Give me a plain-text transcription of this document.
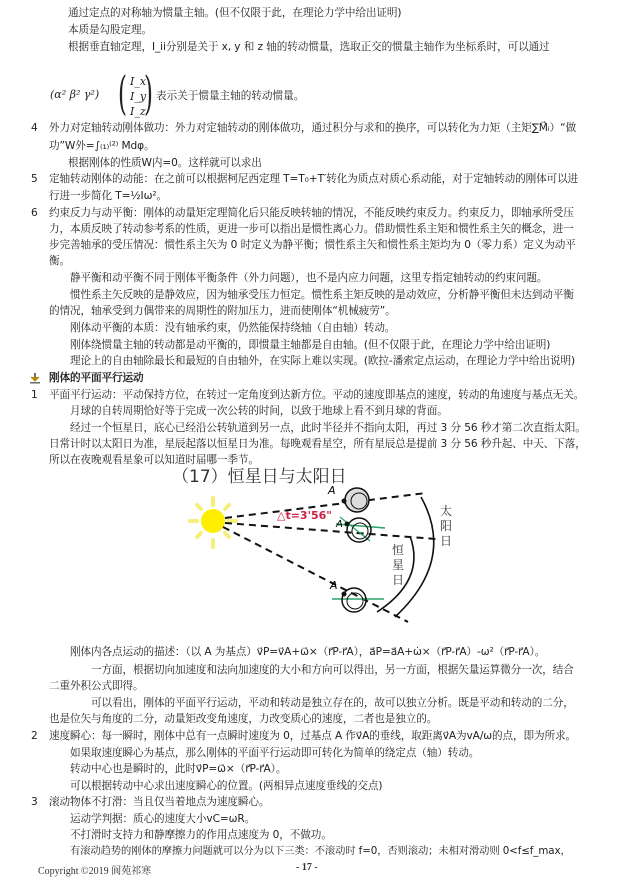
通过定点的对称轴为惯量主轴。(但不仅限于此，在理论力学中给出证明)
本质是勾股定理。
根据垂直轴定理，I_ii分别是关于 x, y 和 z 轴的转动惯量，选取正交的惯量主轴作为坐标系时，可以通过
(α² β² γ²) ( I_x
I_y
I_z
) 表示关于惯量主轴的转动惯量。
4 外力对定轴转动刚体做功：外力对定轴转动的刚体做功，通过积分与求和的换序，可以转化为力矩（主矩∑M⃗ᵢ）“做
功”W外=∫₍₁₎⁽²⁾ Mdφ。
根据刚体的性质W内=0。这样就可以求出
5 定轴转动刚体的动能：在之前可以根据柯尼西定理 T=T₀+T′转化为质点对质心系动能，对于定轴转动的刚体可以进
行进一步简化 T=½Iω²。
6 约束反力与动平衡：刚体的动量矩定理简化后只能反映转轴的情况，不能反映约束反力。约束反力，即轴承所受压
力，本质反映了转动参考系的性质，更进一步可以指出是惯性离心力。借助惯性系主矩和惯性系主矢的概念，进一
步完善轴承的受压情况：惯性系主矢为 0 时定义为静平衡；惯性系主矢和惯性系主矩均为 0（零力系）定义为动平
衡。
静平衡和动平衡不同于刚体平衡条件（外力问题），也不是内应力问题，这里专指定轴转动的约束问题。
惯性系主矢反映的是静效应，因为轴承受压力恒定。惯性系主矩反映的是动效应，分析静平衡但未达到动平衡
的情况，轴承受到力偶带来的周期性的附加压力，进而使刚体“机械疲劳”。
刚体动平衡的本质：没有轴承约束，仍然能保持绕轴（自由轴）转动。
刚体绕惯量主轴的转动都是动平衡的，即惯量主轴都是自由轴。(但不仅限于此，在理论力学中给出证明)
理论上的自由轴除最长和最短的自由轴外，在实际上难以实现。(欧拉-潘索定点运动，在理论力学中给出说明)
刚体的平面平行运动
1 平面平行运动：平动保持方位，在转过一定角度到达新方位。平动的速度即基点的速度，转动的角速度与基点无关。
月球的自转周期恰好等于完成一次公转的时间，以致于地球上看不到月球的背面。
经过一个恒星日，底心已经沿公转轨道到另一点，此时半径并不指向太阳，再过 3 分 56 秒才第二次直指太阳。
日常计时以太阳日为准，星辰起落以恒星日为准。每晚观看星空，所有星辰总是提前 3 分 56 秒升起、中天、下落，
所以在夜晚观看星象可以知道时届哪一季节。
（17）恒星日与太阳日
A
A
A
△t=3'56"	太
阳
日
恒
星
日
刚体内各点运动的描述：（以 A 为基点）v⃗P=v⃗A+ω⃗×（r⃗P-r⃗A），a⃗P=a⃗A+ω̇×（r⃗P-r⃗A）-ω²（r⃗P-r⃗A）。
一方面，根据切向加速度和法向加速度的大小和方向可以得出，另一方面，根据矢量运算微分一次，结合
二重外积公式即得。
可以看出，刚体的平面平行运动，平动和转动是独立存在的，故可以独立分析。既是平动和转动的二分，
也是位矢与角度的二分，动量矩改变角速度，力改变质心的速度，二者也是独立的。
2 速度瞬心：每一瞬时，刚体中总有一点瞬时速度为 0，过基点 A 作v⃗A的垂线，取距离v⃗A为vA/ω的点，即为所求。
如果取速度瞬心为基点，那么刚体的平面平行运动即可转化为简单的绕定点（轴）转动。
转动中心也是瞬时的，此时v⃗P=ω⃗×（r⃗P-r⃗A）。
可以根据转动中心求出速度瞬心的位置。(两相异点速度垂线的交点)
3 滚动物体不打滑：当且仅当着地点为速度瞬心。
运动学判据：质心的速度大小vC=ωR。
不打滑时支持力和静摩擦力的作用点速度为 0，不做功。
有滚动趋势的刚体的摩擦力问题就可以分为以下三类：不滚动时 f=0，否则滚动；未相对滑动则 0<f≤f_max，
Copyright ©2019 阆苑祁寒	- 17 -
